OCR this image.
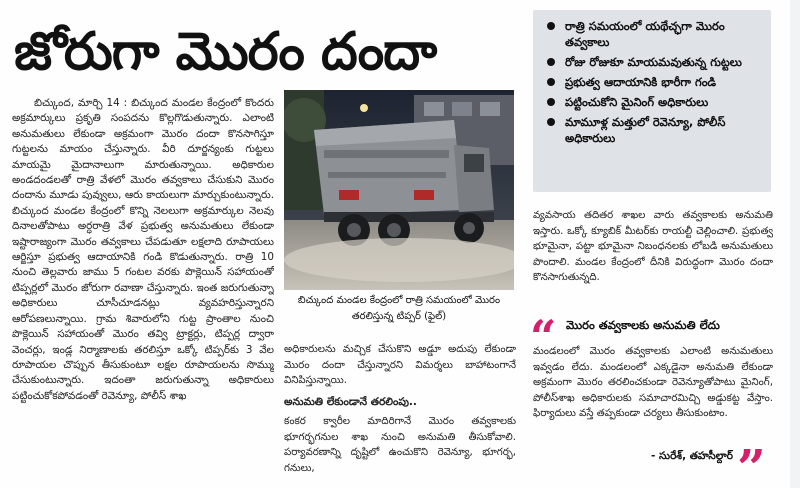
జోరుగా మొరం దందా	రాత్రి సమయంలో యథేచ్ఛగా మొరం తవ్వకాలు
రోజు రోజుకూ మాయమవుతున్న గుట్టలు
ప్రభుత్వ ఆదాయానికి భారీగా గండి
పట్టించుకోని మైనింగ్ అధికారులు
మామూళ్ల మత్తులో రెవెన్యూ, పోలీస్ అధికారులు

బిచ్కుంద, మార్చి 14 : బిచ్కుంద మండల కేంద్రంలో కొందరు అక్రమార్కులు ప్రకృతి సంపదను కొల్లగొడుతున్నారు. ఎలాంటి అనుమతులు లేకుండా అక్రమంగా మొరం దందా కొనసాగిస్తూ గుట్టలను మాయం చేస్తున్నారు. వీరి దూర్జన్యంకు గుట్టలు మాయమై మైదానాలుగా మారుతున్నాయి. అధికారుల అండదండలతో రాత్రి వేళలో మొరం తవ్వకాలు చేసుకుని మొరం దందాను మూడు పువ్వులు, ఆరు కాయలుగా మార్చుకుంటున్నారు. బిచ్కుంద మండల కేంద్రంలో కొన్ని నెలలుగా అక్రమార్కుల నెలవు దినాలతోపాటు అర్ధరాత్రి వేళ ప్రభుత్వ అనుమతులు లేకుండా ఇష్టారాజ్యంగా మొరం తవ్వకాలు చేపడుతూ లక్షలాది రూపాయలు ఆర్జిస్తూ ప్రభుత్వ ఆదాయానికి గండి కొడుతున్నారు. రాత్రి 10 నుంచి తెల్లవారు జాము 5 గంటల వరకు పొక్లెయిన్ సహాయంతో టిప్పర్లలో మొరం జోరుగా రవాణా చేస్తున్నారు. ఇంత జరుగుతున్నా అధికారులు చూసీచూడనట్లు వ్యవహరిస్తున్నారని ఆరోపణలున్నాయి. గ్రామ శివారులోని గుట్ట ప్రాంతాల నుంచి పొక్లెయిన్ సహాయంతో మొరం తవ్వి ట్రాక్టర్లు, టిప్పర్ల ద్వారా వెంచర్లు, ఇండ్ల నిర్మాణాలకు తరలిస్తూ ఒక్కో టిప్పర్‌కు 3 వేల రూపాయల చొప్పున తీసుకుంటూ లక్షల రూపాయలను సొమ్ము చేసుకుంటున్నారు. ఇదంతా జరుగుతున్నా అధికారులు పట్టించుకోకపోవడంతో రెవెన్యూ, పోలీస్ శాఖ

బిచ్కుంద మండల కేంద్రంలో రాత్రి సమయంలో మొరం తరలిస్తున్న టిప్పర్ (ఫైల్)

అధికారులను మచ్చిక చేసుకొని అడ్డూ అదుపు లేకుండా మొరం దందా చేస్తున్నారని విమర్శలు బాహాటంగానే వినిపిస్తున్నాయి.

అనుమతి లేకుండానే తరలింపు..

కంకర క్వారీల మాదిరిగానే మొరం తవ్వకాలకు భూగర్భగనుల శాఖ నుంచి అనుమతి తీసుకోవాలి. పర్యావరణాన్ని దృష్టిలో ఉంచుకొని రెవెన్యూ, భూగర్భ, గనులు,

వ్యవసాయ తదితర శాఖల వారు తవ్వకాలకు అనుమతి ఇస్తారు. ఒక్కో క్యూబిక్ మీటర్‌కు రాయల్టీ చెల్లించాలి. ప్రభుత్వ భూమైనా, పట్టా భూమైనా నిబంధనలకు లోబడి అనుమతులు పొందాలి. మండల కేంద్రంలో దీనికి విరుద్ధంగా మొరం దందా కొనసాగుతున్నది.

“ మొరం తవ్వకాలకు అనుమతి లేదు
మండలంలో మొరం తవ్వకాలకు ఎలాంటి అనుమతులు ఇవ్వడం లేదు. మండలంలో ఎక్కడైనా అనుమతి లేకుండా అక్రమంగా మొరం తరలించకుండా రెవెన్యూతోపాటు మైనింగ్, పోలీస్‌శాఖ అధికారులకు సమాచారమిచ్చి అడ్డుకట్ట వేస్తాం. ఫిర్యాదులు వస్తే తప్పకుండా చర్యలు తీసుకుంటాం.
- సురేశ్, తహసీల్దార్ ”
